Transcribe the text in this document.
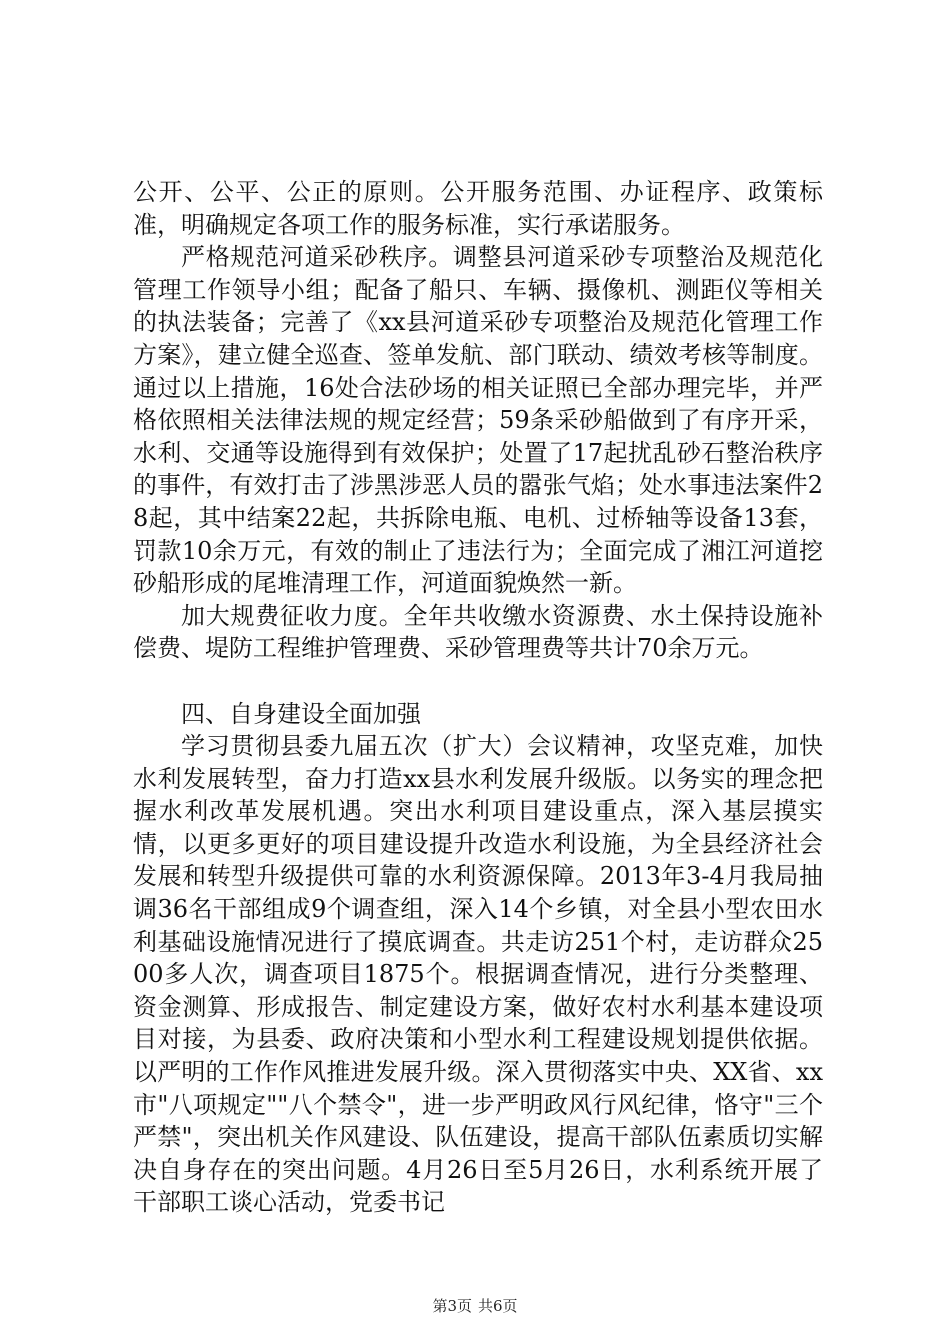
公开、公平、公正的原则。公开服务范围、办证程序、政策标准，明确规定各项工作的服务标准，实行承诺服务。

严格规范河道采砂秩序。调整县河道采砂专项整治及规范化管理工作领导小组；配备了船只、车辆、摄像机、测距仪等相关的执法装备；完善了《xx县河道采砂专项整治及规范化管理工作方案》，建立健全巡查、签单发航、部门联动、绩效考核等制度。通过以上措施，16处合法砂场的相关证照已全部办理完毕，并严格依照相关法律法规的规定经营；59条采砂船做到了有序开采，水利、交通等设施得到有效保护；处置了17起扰乱砂石整治秩序的事件，有效打击了涉黑涉恶人员的嚣张气焰；处水事违法案件28起，其中结案22起，共拆除电瓶、电机、过桥轴等设备13套，罚款10余万元，有效的制止了违法行为；全面完成了湘江河道挖砂船形成的尾堆清理工作，河道面貌焕然一新。

加大规费征收力度。全年共收缴水资源费、水土保持设施补偿费、堤防工程维护管理费、采砂管理费等共计70余万元。

四、自身建设全面加强

学习贯彻县委九届五次（扩大）会议精神，攻坚克难，加快水利发展转型，奋力打造xx县水利发展升级版。以务实的理念把握水利改革发展机遇。突出水利项目建设重点，深入基层摸实情，以更多更好的项目建设提升改造水利设施，为全县经济社会发展和转型升级提供可靠的水利资源保障。2013年3-4月我局抽调36名干部组成9个调查组，深入14个乡镇，对全县小型农田水利基础设施情况进行了摸底调查。共走访251个村，走访群众2500多人次，调查项目1875个。根据调查情况，进行分类整理、资金测算、形成报告、制定建设方案，做好农村水利基本建设项目对接，为县委、政府决策和小型水利工程建设规划提供依据。以严明的工作作风推进发展升级。深入贯彻落实中央、XX省、xx市"八项规定""八个禁令"，进一步严明政风行风纪律，恪守"三个严禁"，突出机关作风建设、队伍建设，提高干部队伍素质切实解决自身存在的突出问题。4月26日至5月26日，水利系统开展了干部职工谈心活动，党委书记

第3页 共6页
